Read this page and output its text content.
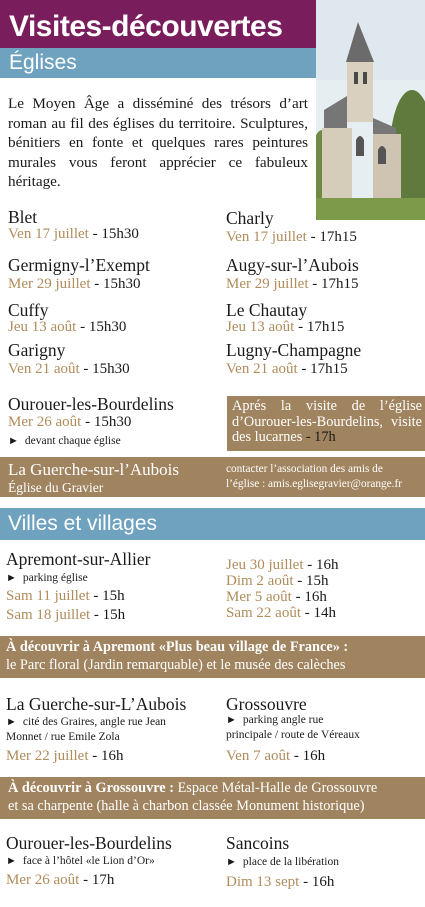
Visites-découvertes
Églises
Le Moyen Âge a disséminé des trésors d’art roman au fil des églises du territoire. Sculptures, bénitiers en fonte et quelques rares peintures murales vous feront apprécier ce fabuleux héritage.
Blet
Ven 17 juillet - 15h30
Charly
Ven 17 juillet - 17h15
Germigny-l’Exempt
Mer 29 juillet - 15h30
Augy-sur-l’Aubois
Mer 29 juillet - 17h15
Cuffy
Jeu 13 août - 15h30
Le Chautay
Jeu 13 août - 17h15
Garigny
Ven 21 août - 15h30
Lugny-Champagne
Ven 21 août - 17h15
Ourouer-les-Bourdelins
Mer 26 août - 15h30
► devant chaque église
Aprés la visite de l’église d’Ourouer-les-Bourdelins, visite des lucarnes - 17h
La Guerche-sur-l’Aubois
Église du Gravier
contacter l’association des amis de
l’église : amis.eglisegravier@orange.fr
Villes et villages
Apremont-sur-Allier
► parking église
Sam 11 juillet - 15h
Sam 18 juillet - 15h
Jeu 30 juillet - 16h
Dim 2 août - 15h
Mer 5 août - 16h
Sam 22 août - 14h
À découvrir à Apremont «Plus beau village de France» :
le Parc floral (Jardin remarquable) et le musée des calèches
La Guerche-sur-L’Aubois
► cité des Graires, angle rue Jean
Monnet / rue Emile Zola
Mer 22 juillet - 16h
Grossouvre
► parking angle rue
principale / route de Véreaux
Ven 7 août - 16h
À découvrir à Grossouvre : Espace Métal-Halle de Grossouvre
et sa charpente (halle à charbon classée Monument historique)
Ourouer-les-Bourdelins
► face à l’hôtel «le Lion d’Or»
Mer 26 août - 17h
Sancoins
► place de la libération
Dim 13 sept - 16h
